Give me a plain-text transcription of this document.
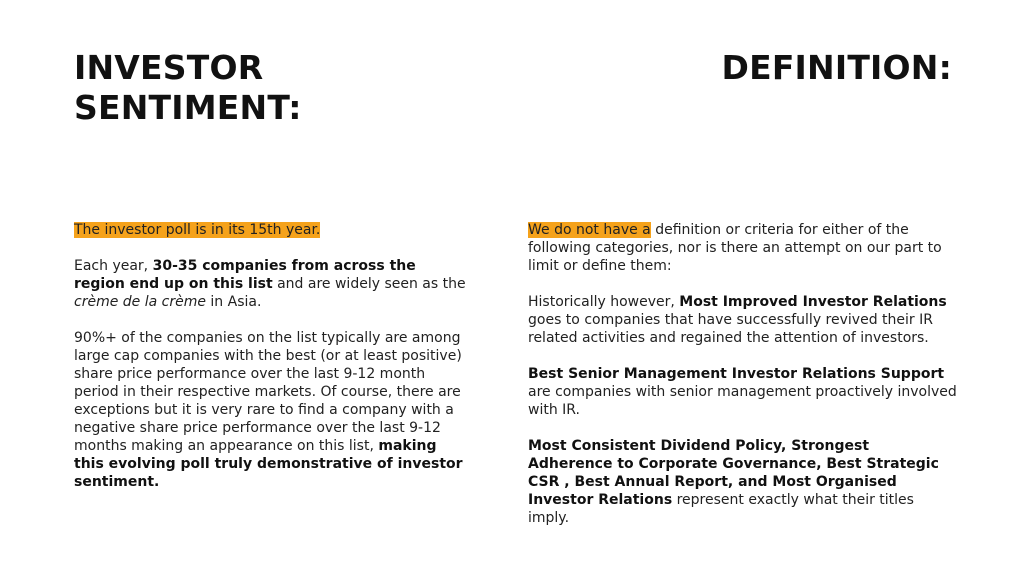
INVESTOR
SENTIMENT:
DEFINITION:

The investor poll is in its 15th year.

Each year, 30-35 companies from across the region end up on this list and are widely seen as the crème de la crème in Asia.

90%+ of the companies on the list typically are among large cap companies with the best (or at least positive) share price performance over the last 9-12 month period in their respective markets. Of course, there are exceptions but it is very rare to find a company with a negative share price performance over the last 9-12 months making an appearance on this list, making this evolving poll truly demonstrative of investor sentiment.

We do not have a definition or criteria for either of the following categories, nor is there an attempt on our part to limit or define them:

Historically however, Most Improved Investor Relations goes to companies that have successfully revived their IR related activities and regained the attention of investors.

Best Senior Management Investor Relations Support are companies with senior management proactively involved with IR.

Most Consistent Dividend Policy, Strongest Adherence to Corporate Governance, Best Strategic CSR , Best Annual Report, and Most Organised Investor Relations represent exactly what their titles imply.
